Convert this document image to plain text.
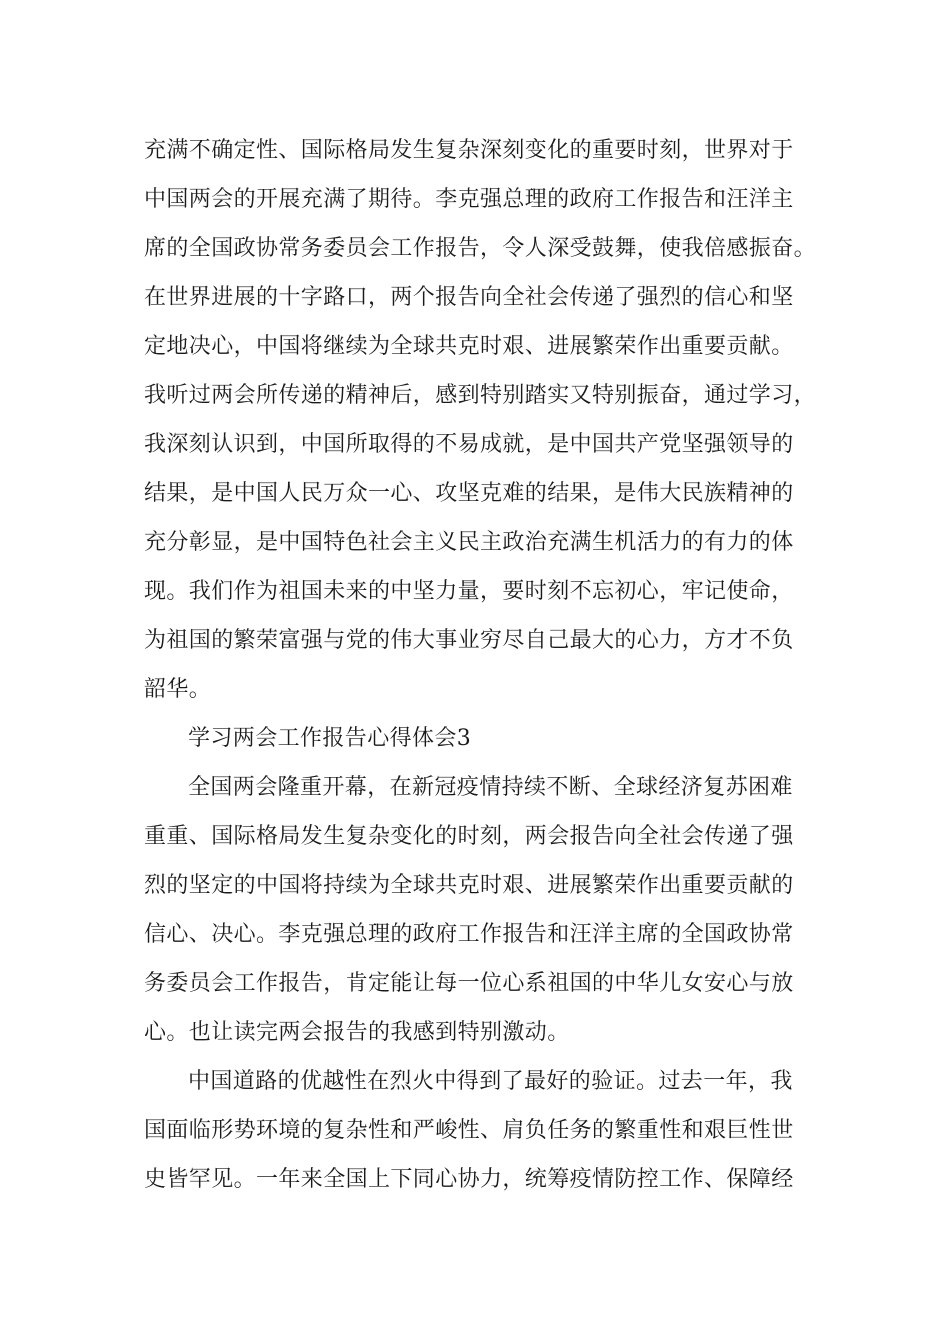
充满不确定性、国际格局发生复杂深刻变化的重要时刻，世界对于
中国两会的开展充满了期待。李克强总理的政府工作报告和汪洋主
席的全国政协常务委员会工作报告，令人深受鼓舞，使我倍感振奋。
在世界进展的十字路口，两个报告向全社会传递了强烈的信心和坚
定地决心，中国将继续为全球共克时艰、进展繁荣作出重要贡献。
我听过两会所传递的精神后，感到特别踏实又特别振奋，通过学习，
我深刻认识到，中国所取得的不易成就，是中国共产党坚强领导的
结果，是中国人民万众一心、攻坚克难的结果，是伟大民族精神的
充分彰显，是中国特色社会主义民主政治充满生机活力的有力的体
现。我们作为祖国未来的中坚力量，要时刻不忘初心，牢记使命，
为祖国的繁荣富强与党的伟大事业穷尽自己最大的心力，方才不负
韶华。
学习两会工作报告心得体会3
全国两会隆重开幕，在新冠疫情持续不断、全球经济复苏困难
重重、国际格局发生复杂变化的时刻，两会报告向全社会传递了强
烈的坚定的中国将持续为全球共克时艰、进展繁荣作出重要贡献的
信心、决心。李克强总理的政府工作报告和汪洋主席的全国政协常
务委员会工作报告，肯定能让每一位心系祖国的中华儿女安心与放
心。也让读完两会报告的我感到特别激动。
中国道路的优越性在烈火中得到了最好的验证。过去一年，我
国面临形势环境的复杂性和严峻性、肩负任务的繁重性和艰巨性世
史皆罕见。一年来全国上下同心协力，统筹疫情防控工作、保障经
